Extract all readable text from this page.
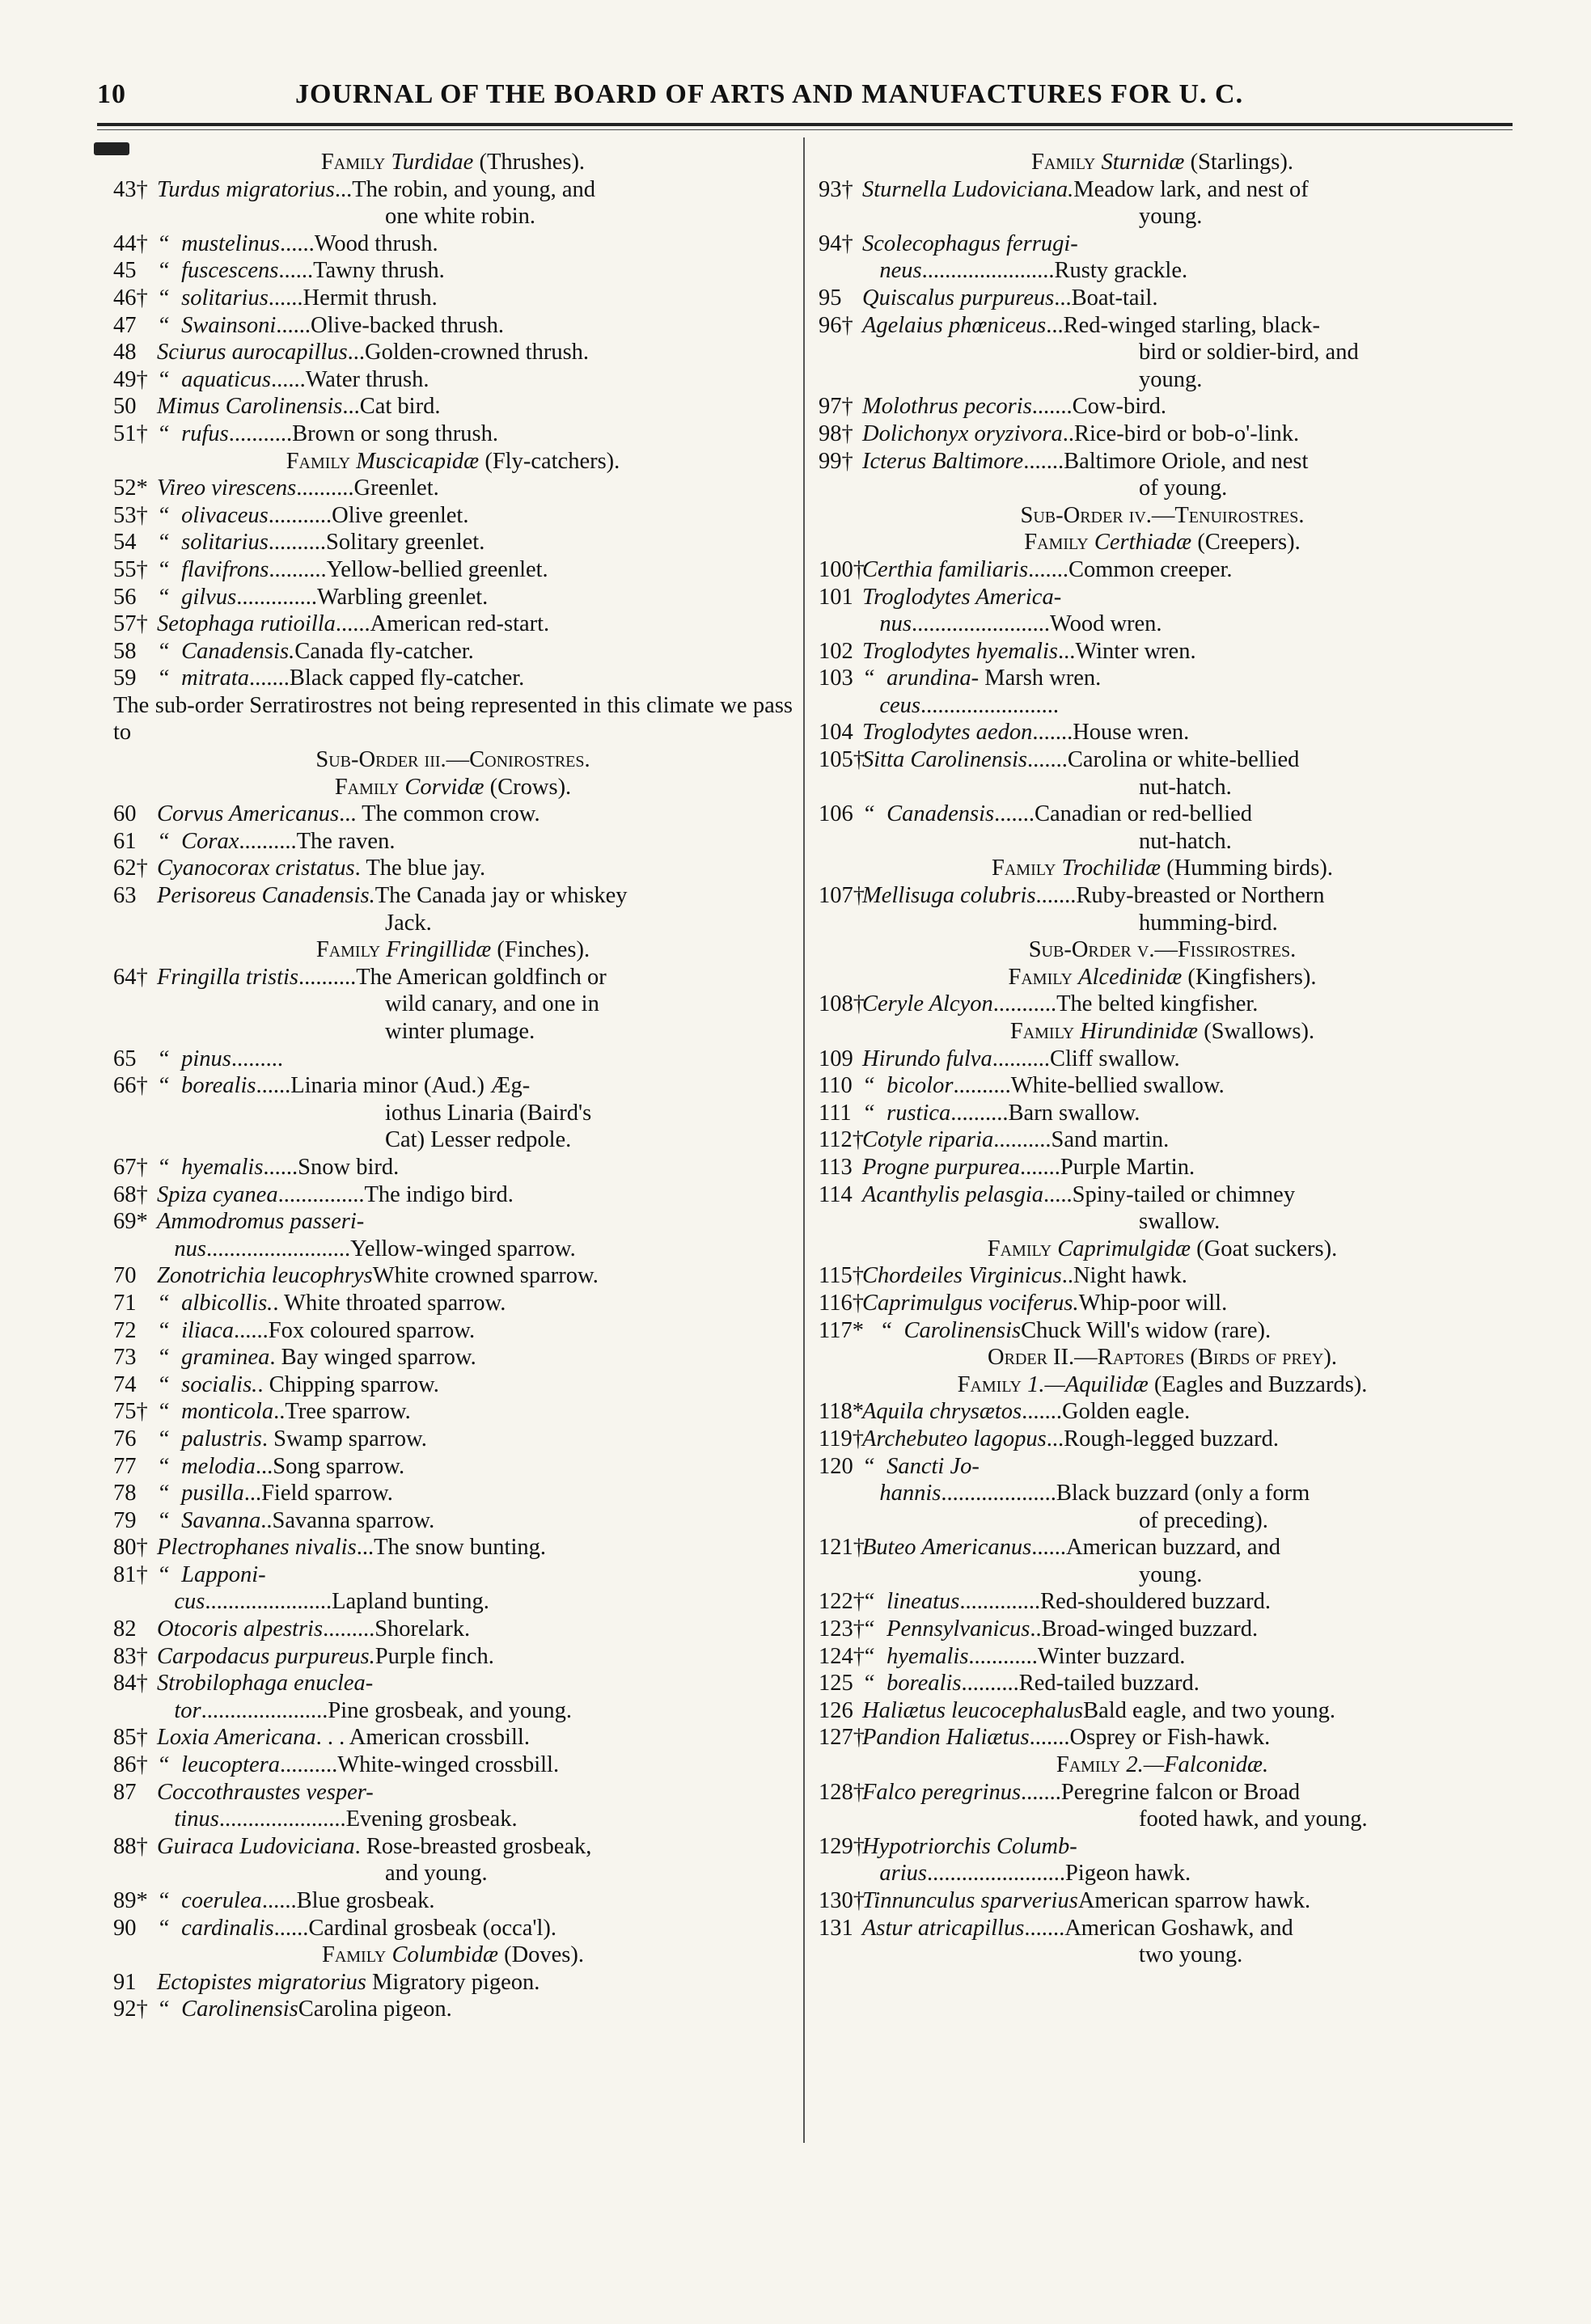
10	JOURNAL OF THE BOARD OF ARTS AND MANUFACTURES FOR U. C.
Family Turdidae (Thrushes).
43† Turdus migratorius...The robin, and young, and
one white robin.
44† “  mustelinus......Wood thrush.
45 “  fuscescens......Tawny thrush.
46† “  solitarius......Hermit thrush.
47 “  Swainsoni......Olive-backed thrush.
48 Sciurus aurocapillus...Golden-crowned thrush.
49† “  aquaticus......Water thrush.
50 Mimus Carolinensis...Cat bird.
51† “  rufus...........Brown or song thrush.
Family Muscicapidæ (Fly-catchers).
52* Vireo virescens..........Greenlet.
53† “  olivaceus...........Olive greenlet.
54 “  solitarius..........Solitary greenlet.
55† “  flavifrons..........Yellow-bellied greenlet.
56 “  gilvus..............Warbling greenlet.
57† Setophaga rutioilla......American red-start.
58 “  Canadensis.Canada fly-catcher.
59 “  mitrata.......Black capped fly-catcher.

The sub-order Serratirostres not being represented in this climate we pass to

Sub-Order iii.—Conirostres.
Family Corvidæ (Crows).
60 Corvus Americanus... The common crow.
61 “  Corax..........The raven.
62† Cyanocorax cristatus. The blue jay.
63 Perisoreus Canadensis.The Canada jay or whiskey
Jack.
Family Fringillidæ (Finches).
64† Fringilla tristis..........The American goldfinch or
wild canary, and one in
winter plumage.
65 “  pinus.........
66† “  borealis......Linaria minor (Aud.) Æg-
iothus Linaria (Baird's
Cat) Lesser redpole.
67† “  hyemalis......Snow bird.
68† Spiza cyanea...............The indigo bird.
69* Ammodromus passeri-
nus.........................Yellow-winged sparrow.
70 Zonotrichia leucophrysWhite crowned sparrow.
71 “  albicollis.. White throated sparrow.
72 “  iliaca......Fox coloured sparrow.
73 “  graminea. Bay winged sparrow.
74 “  socialis.. Chipping sparrow.
75† “  monticola..Tree sparrow.
76 “  palustris. Swamp sparrow.
77 “  melodia...Song sparrow.
78 “  pusilla...Field sparrow.
79 “  Savanna..Savanna sparrow.
80† Plectrophanes nivalis...The snow bunting.
81† “  Lapponi-
cus......................Lapland bunting.
82 Otocoris alpestris.........Shorelark.
83† Carpodacus purpureus.Purple finch.
84† Strobilophaga enuclea-
tor......................Pine grosbeak, and young.
85† Loxia Americana. . . American crossbill.
86† “  leucoptera..........White-winged crossbill.
87 Coccothraustes vesper-
tinus......................Evening grosbeak.
88† Guiraca Ludoviciana. Rose-breasted grosbeak,
and young.
89* “  coerulea......Blue grosbeak.
90 “  cardinalis......Cardinal grosbeak (occa'l).
Family Columbidæ (Doves).
91 Ectopistes migratorius Migratory pigeon.
92† “  CarolinensisCarolina pigeon.
Family Sturnidæ (Starlings).
93† Sturnella Ludoviciana.Meadow lark, and nest of
young.
94† Scolecophagus ferrugi-
neus.......................Rusty grackle.
95 Quiscalus purpureus...Boat-tail.
96† Agelaius phœniceus...Red-winged starling, black-
bird or soldier-bird, and
young.
97† Molothrus pecoris.......Cow-bird.
98† Dolichonyx oryzivora..Rice-bird or bob-o'-link.
99† Icterus Baltimore.......Baltimore Oriole, and nest
of young.
Sub-Order iv.—Tenuirostres.
Family Certhiadæ (Creepers).
100†
Certhia familiaris.......Common creeper.
101 Troglodytes America-
nus........................Wood wren.
102 Troglodytes hyemalis...Winter wren.
103 “  arundina- Marsh wren.
ceus........................
104 Troglodytes aedon.......House wren.
105†
Sitta Carolinensis.......Carolina or white-bellied
nut-hatch.
106 “  Canadensis.......Canadian or red-bellied
nut-hatch.
Family Trochilidæ (Humming birds).
107†
Mellisuga colubris.......Ruby-breasted or Northern
humming-bird.
Sub-Order v.—Fissirostres.
Family Alcedinidæ (Kingfishers).
108†
Ceryle Alcyon...........The belted kingfisher.
Family Hirundinidæ (Swallows).
109 Hirundo fulva..........Cliff swallow.
110 “  bicolor..........White-bellied swallow.
111 “  rustica..........Barn swallow.
112†
Cotyle riparia..........Sand martin.
113 Progne purpurea.......Purple Martin.
114 Acanthylis pelasgia.....Spiny-tailed or chimney
swallow.
Family Caprimulgidæ (Goat suckers).
115†
Chordeiles Virginicus..Night hawk.
116†
Caprimulgus vociferus.Whip-poor will.
117*
“  CarolinensisChuck Will's widow (rare).
Order II.—Raptores (Birds of prey).
Family 1.—Aquilidæ (Eagles and Buzzards).
118*
Aquila chrysætos.......Golden eagle.
119†
Archebuteo lagopus...Rough-legged buzzard.
120 “  Sancti Jo-
hannis....................Black buzzard (only a form
of preceding).
121†
Buteo Americanus......American buzzard, and
young.
122†
“  lineatus..............Red-shouldered buzzard.
123†
“  Pennsylvanicus..Broad-winged buzzard.
124†
“  hyemalis............Winter buzzard.
125 “  borealis..........Red-tailed buzzard.
126 Haliætus leucocephalusBald eagle, and two young.
127†
Pandion Haliætus.......Osprey or Fish-hawk.
Family 2.—Falconidæ.
128†
Falco peregrinus.......Peregrine falcon or Broad
footed hawk, and young.
129†
Hypotriorchis Columb-
arius........................Pigeon hawk.
130†
Tinnunculus sparveriusAmerican sparrow hawk.
131 Astur atricapillus.......American Goshawk, and
two young.
